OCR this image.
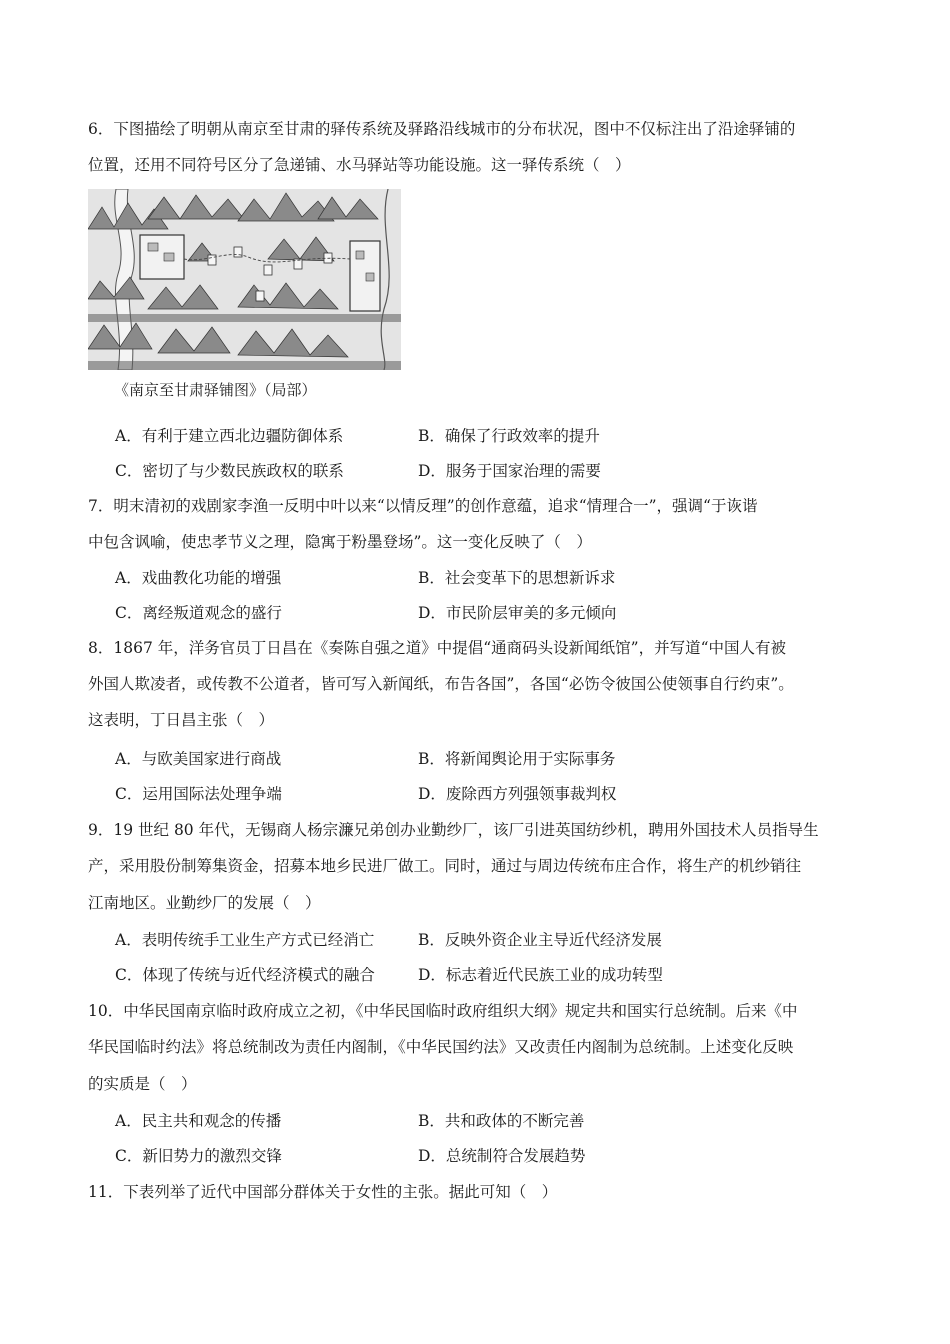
6．下图描绘了明朝从南京至甘肃的驿传系统及驿路沿线城市的分布状况，图中不仅标注出了沿途驿铺的
位置，还用不同符号区分了急递铺、水马驿站等功能设施。这一驿传系统（　）
《南京至甘肃驿铺图》（局部）
A．有利于建立西北边疆防御体系	B．确保了行政效率的提升
C．密切了与少数民族政权的联系	D．服务于国家治理的需要
7．明末清初的戏剧家李渔一反明中叶以来“以情反理”的创作意蕴，追求“情理合一”，强调“于诙谐
中包含讽喻，使忠孝节义之理，隐寓于粉墨登场”。这一变化反映了（　）
A．戏曲教化功能的增强	B．社会变革下的思想新诉求
C．离经叛道观念的盛行	D．市民阶层审美的多元倾向
8．1867 年，洋务官员丁日昌在《奏陈自强之道》中提倡“通商码头设新闻纸馆”，并写道“中国人有被
外国人欺凌者，或传教不公道者，皆可写入新闻纸，布告各国”，各国“必饬令彼国公使领事自行约束”。
这表明，丁日昌主张（　）
A．与欧美国家进行商战	B．将新闻舆论用于实际事务
C．运用国际法处理争端	D．废除西方列强领事裁判权
9．19 世纪 80 年代，无锡商人杨宗濂兄弟创办业勤纱厂，该厂引进英国纺纱机，聘用外国技术人员指导生
产，采用股份制筹集资金，招募本地乡民进厂做工。同时，通过与周边传统布庄合作，将生产的机纱销往
江南地区。业勤纱厂的发展（　）
A．表明传统手工业生产方式已经消亡	B．反映外资企业主导近代经济发展
C．体现了传统与近代经济模式的融合	D．标志着近代民族工业的成功转型
10．中华民国南京临时政府成立之初，《中华民国临时政府组织大纲》规定共和国实行总统制。后来《中
华民国临时约法》将总统制改为责任内阁制，《中华民国约法》又改责任内阁制为总统制。上述变化反映
的实质是（　）
A．民主共和观念的传播	B．共和政体的不断完善
C．新旧势力的激烈交锋	D．总统制符合发展趋势
11．下表列举了近代中国部分群体关于女性的主张。据此可知（　）
